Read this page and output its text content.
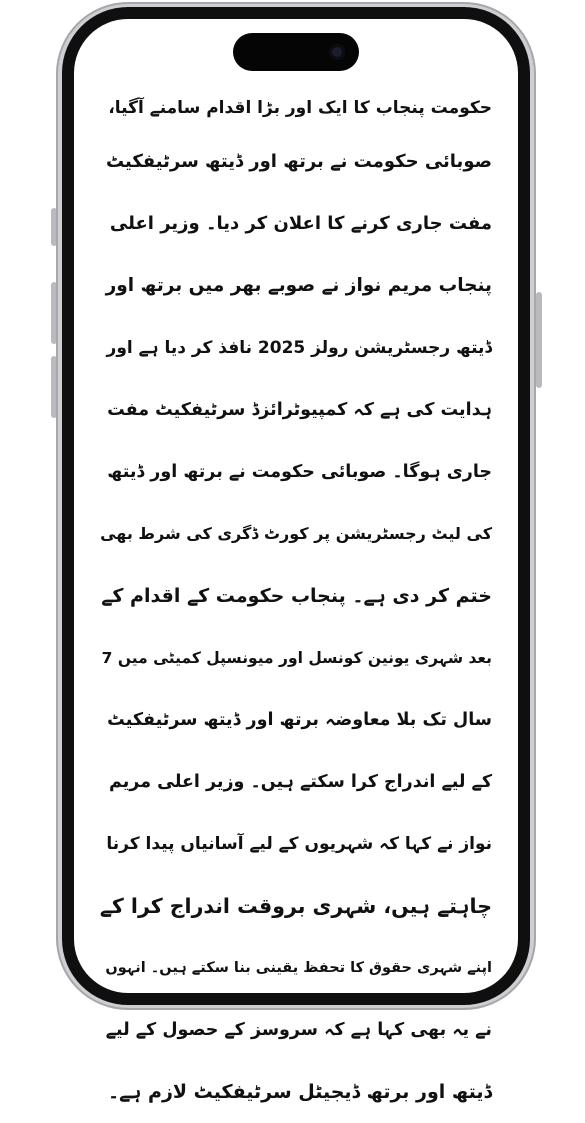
حکومت پنجاب کا ایک اور بڑا اقدام سامنے آگیا،
صوبائی حکومت نے برتھ اور ڈیتھ سرٹیفکیٹ
مفت جاری کرنے کا اعلان کر دیا۔ وزیر اعلی
پنجاب مریم نواز نے صوبے بھر میں برتھ اور
ڈیتھ رجسٹریشن رولز 2025 نافذ کر دیا ہے اور
ہدایت کی ہے کہ کمپیوٹرائزڈ سرٹیفکیٹ مفت
جاری ہوگا۔ صوبائی حکومت نے برتھ اور ڈیتھ
کی لیٹ رجسٹریشن پر کورٹ ڈگری کی شرط بھی
ختم کر دی ہے۔ پنجاب حکومت کے اقدام کے
بعد شہری یونین کونسل اور میونسپل کمیٹی میں 7
سال تک بلا معاوضہ برتھ اور ڈیتھ سرٹیفکیٹ
کے لیے اندراج کرا سکتے ہیں۔ وزیر اعلی مریم
نواز نے کہا کہ شہریوں کے لیے آسانیاں پیدا کرنا
چاہتے ہیں، شہری بروقت اندراج کرا کے
اپنے شہری حقوق کا تحفظ یقینی بنا سکتے ہیں۔ انہوں
نے یہ بھی کہا ہے کہ سروسز کے حصول کے لیے
ڈیتھ اور برتھ ڈیجیٹل سرٹیفکیٹ لازم ہے۔
